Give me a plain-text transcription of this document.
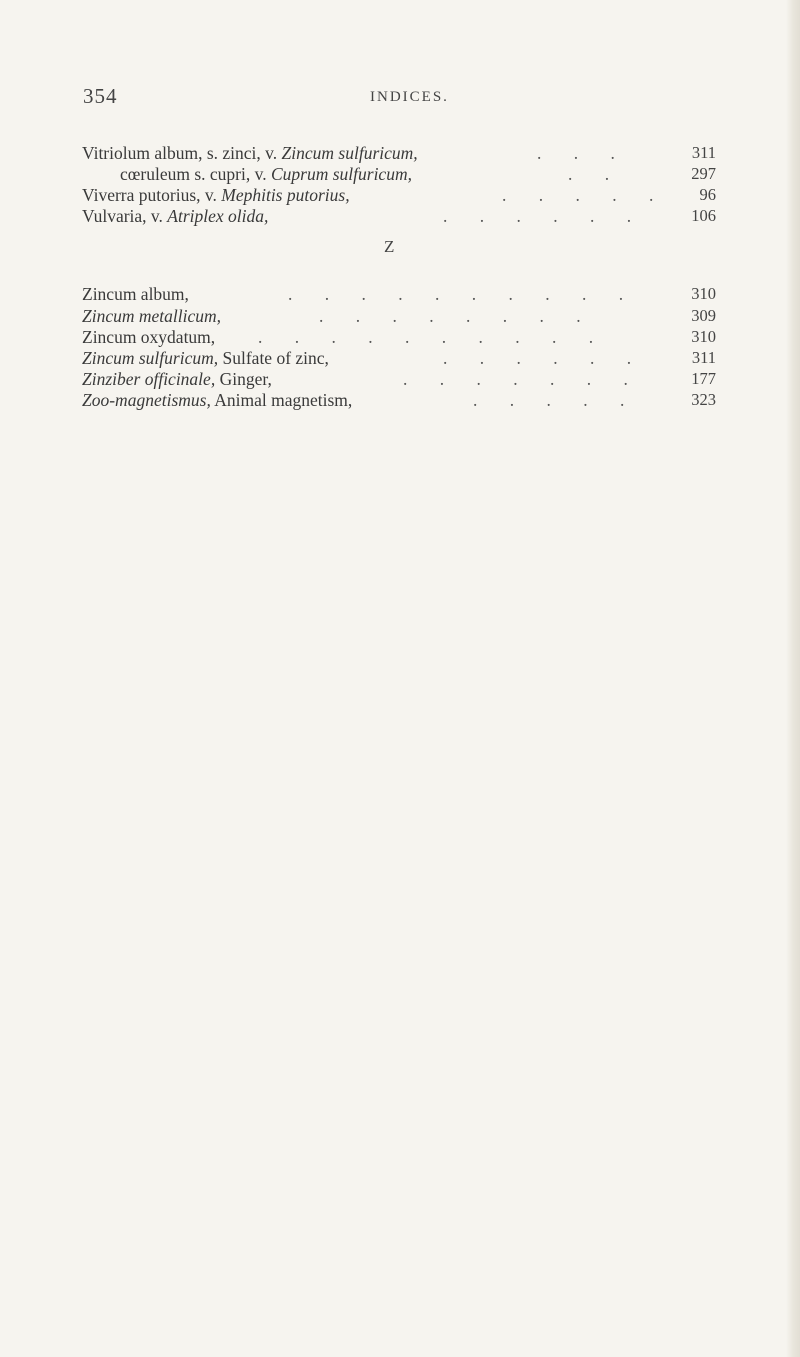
354	INDICES.
Vitriolum album, s. zinci, v. Zincum sulfuricum,	. . .	311
cœruleum s. cupri, v. Cuprum sulfuricum,	. .	297
Viverra putorius, v. Mephitis putorius,	. . . . .	96
Vulvaria, v. Atriplex olida,	. . . . . .	106
Z
Zincum album,	. . . . . . . . . .	310
Zincum metallicum,	. . . . . . . .	309
Zincum oxydatum, . . . . . . . . . .	310
Zincum sulfuricum, Sulfate of zinc,	. . . . . .	311
Zinziber officinale, Ginger,	. . . . . . .	177
Zoo-magnetismus, Animal magnetism,	. . . . .	323
